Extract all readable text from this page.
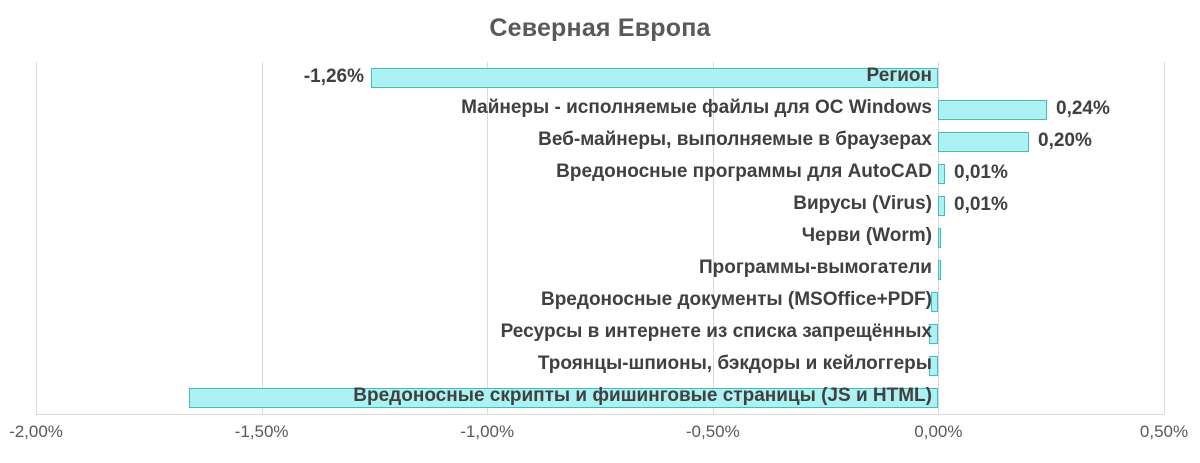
Северная Европа
-1,26%	Регион
0,24%
Майнеры - исполняемые файлы для ОС Windows
0,20%
Веб-майнеры, выполняемые в браузерах
0,01%
Вредоносные программы для AutoCAD
0,01%
Вирусы (Virus)
Черви (Worm)
Программы-вымогатели
Вредоносные документы (MSOffice+PDF)
Ресурсы в интернете из списка запрещённых
Троянцы-шпионы, бэкдоры и кейлоггеры
Вредоносные скрипты и фишинговые страницы (JS и HTML)
-2,00%	-1,50%	-1,00%	-0,50%	0,00%	0,50%
